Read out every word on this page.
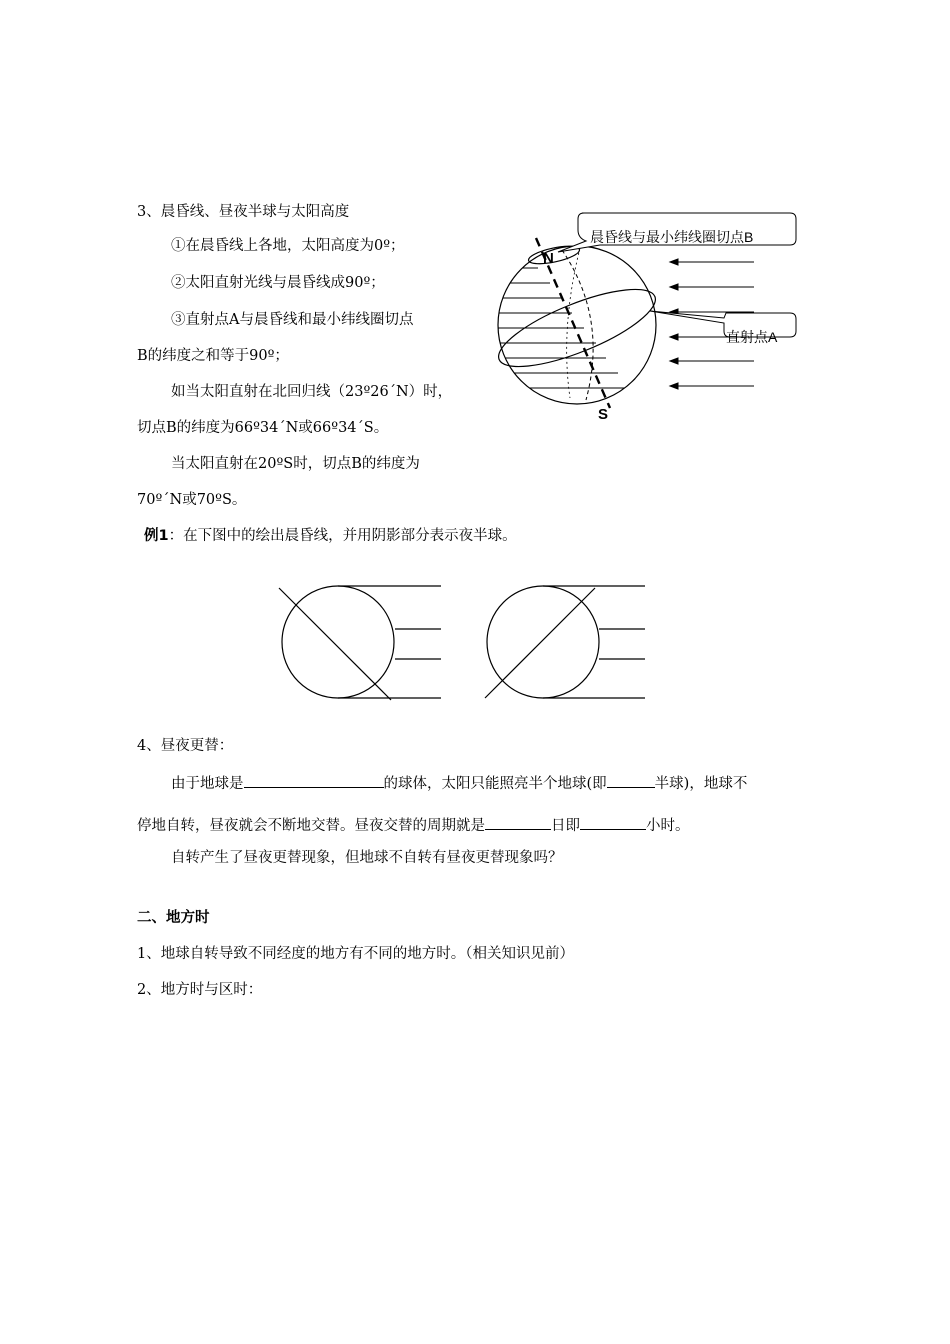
3、晨昏线、昼夜半球与太阳高度
①在晨昏线上各地，太阳高度为0º；
②太阳直射光线与晨昏线成90º；
③直射点A与晨昏线和最小纬线圈切点
B的纬度之和等于90º；
如当太阳直射在北回归线（23º26´N）时，
切点B的纬度为66º34´N或66º34´S。
当太阳直射在20ºS时，切点B的纬度为
70º´N或70ºS。
N
S
晨昏线与最小纬线圈切点B
直射点A
例1：在下图中的绘出晨昏线，并用阴影部分表示夜半球。
4、昼夜更替：
由于地球是	的球体，太阳只能照亮半个地球(即	半球)，地球不
停地自转，昼夜就会不断地交替。昼夜交替的周期就是	日即	小时。
自转产生了昼夜更替现象，但地球不自转有昼夜更替现象吗？
二、地方时
1、地球自转导致不同经度的地方有不同的地方时。（相关知识见前）
2、地方时与区时：
